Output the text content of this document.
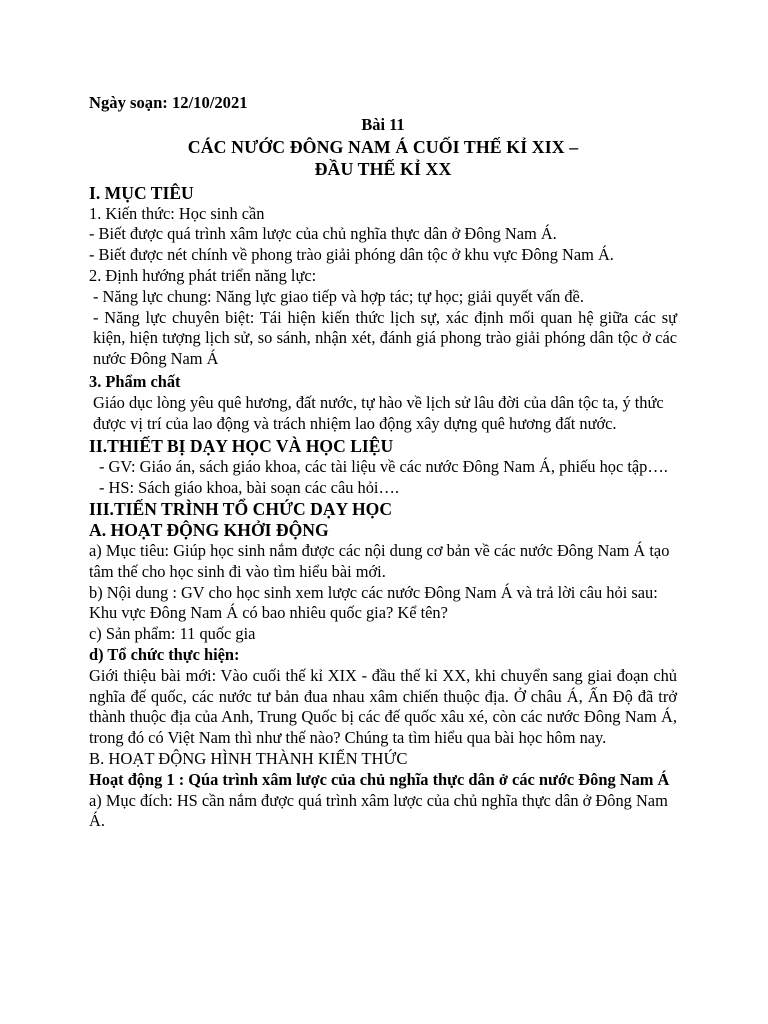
Ngày soạn: 12/10/2021

Bài 11

CÁC NƯỚC ĐÔNG NAM Á CUỐI THẾ KỈ XIX –

ĐẦU THẾ KỈ XX

I. MỤC TIÊU

1. Kiến thức: Học sinh cần

- Biết được quá trình xâm lược của chủ nghĩa thực dân ở Đông Nam Á.

- Biết được nét chính về phong trào giải phóng dân tộc ở khu vực Đông Nam Á.

2. Định hướng phát triển năng lực:

- Năng lực chung: Năng lực giao tiếp và hợp tác; tự học; giải quyết vấn đề.

- Năng lực chuyên biệt: Tái hiện kiến thức lịch sự, xác định mối quan hệ giữa các sự kiện, hiện tượng lịch sử, so sánh, nhận xét, đánh giá phong trào giải phóng dân tộc ở các nước Đông Nam Á

3. Phẩm chất

Giáo dục lòng yêu quê hương, đất nước, tự hào về lịch sử lâu đời của dân tộc ta, ý thức được vị trí của lao động và trách nhiệm lao động xây dựng quê hương đất nước.

II.THIẾT BỊ DẠY HỌC VÀ HỌC LIỆU

- GV: Giáo án, sách giáo khoa, các tài liệu về các nước Đông Nam Á, phiếu học tập….

- HS: Sách giáo khoa, bài soạn các câu hỏi….

III.TIẾN TRÌNH TỔ CHỨC DẠY HỌC

A. HOẠT ĐỘNG KHỞI ĐỘNG

a) Mục tiêu: Giúp học sinh nắm được các nội dung cơ bản về các nước Đông Nam Á tạo tâm thế cho học sinh đi vào tìm hiểu bài mới.

b) Nội dung : GV cho học sinh xem lược các nước Đông Nam Á và trả lời câu hỏi sau: Khu vực Đông Nam Á có bao nhiêu quốc gia? Kể tên?

c) Sản phẩm: 11 quốc gia

d) Tổ chức thực hiện:

Giới thiệu bài mới: Vào cuối thế kỉ XIX - đầu thế kỉ XX, khi chuyển sang giai đoạn chủ nghĩa đế quốc, các nước tư bản đua nhau xâm chiến thuộc địa. Ở châu Á, Ấn Độ đã trở thành thuộc địa của Anh, Trung Quốc bị các đế quốc xâu xé, còn các nước Đông Nam Á, trong đó có Việt Nam thì như thế nào? Chúng ta tìm hiểu qua bài học hôm nay.

B. HOẠT ĐỘNG HÌNH THÀNH KIẾN THỨC

Hoạt động 1 : Qúa trình xâm lược của chủ nghĩa thực dân ở các nước Đông Nam Á

a) Mục đích: HS cần nắm được quá trình xâm lược của chủ nghĩa thực dân ở Đông Nam Á.
